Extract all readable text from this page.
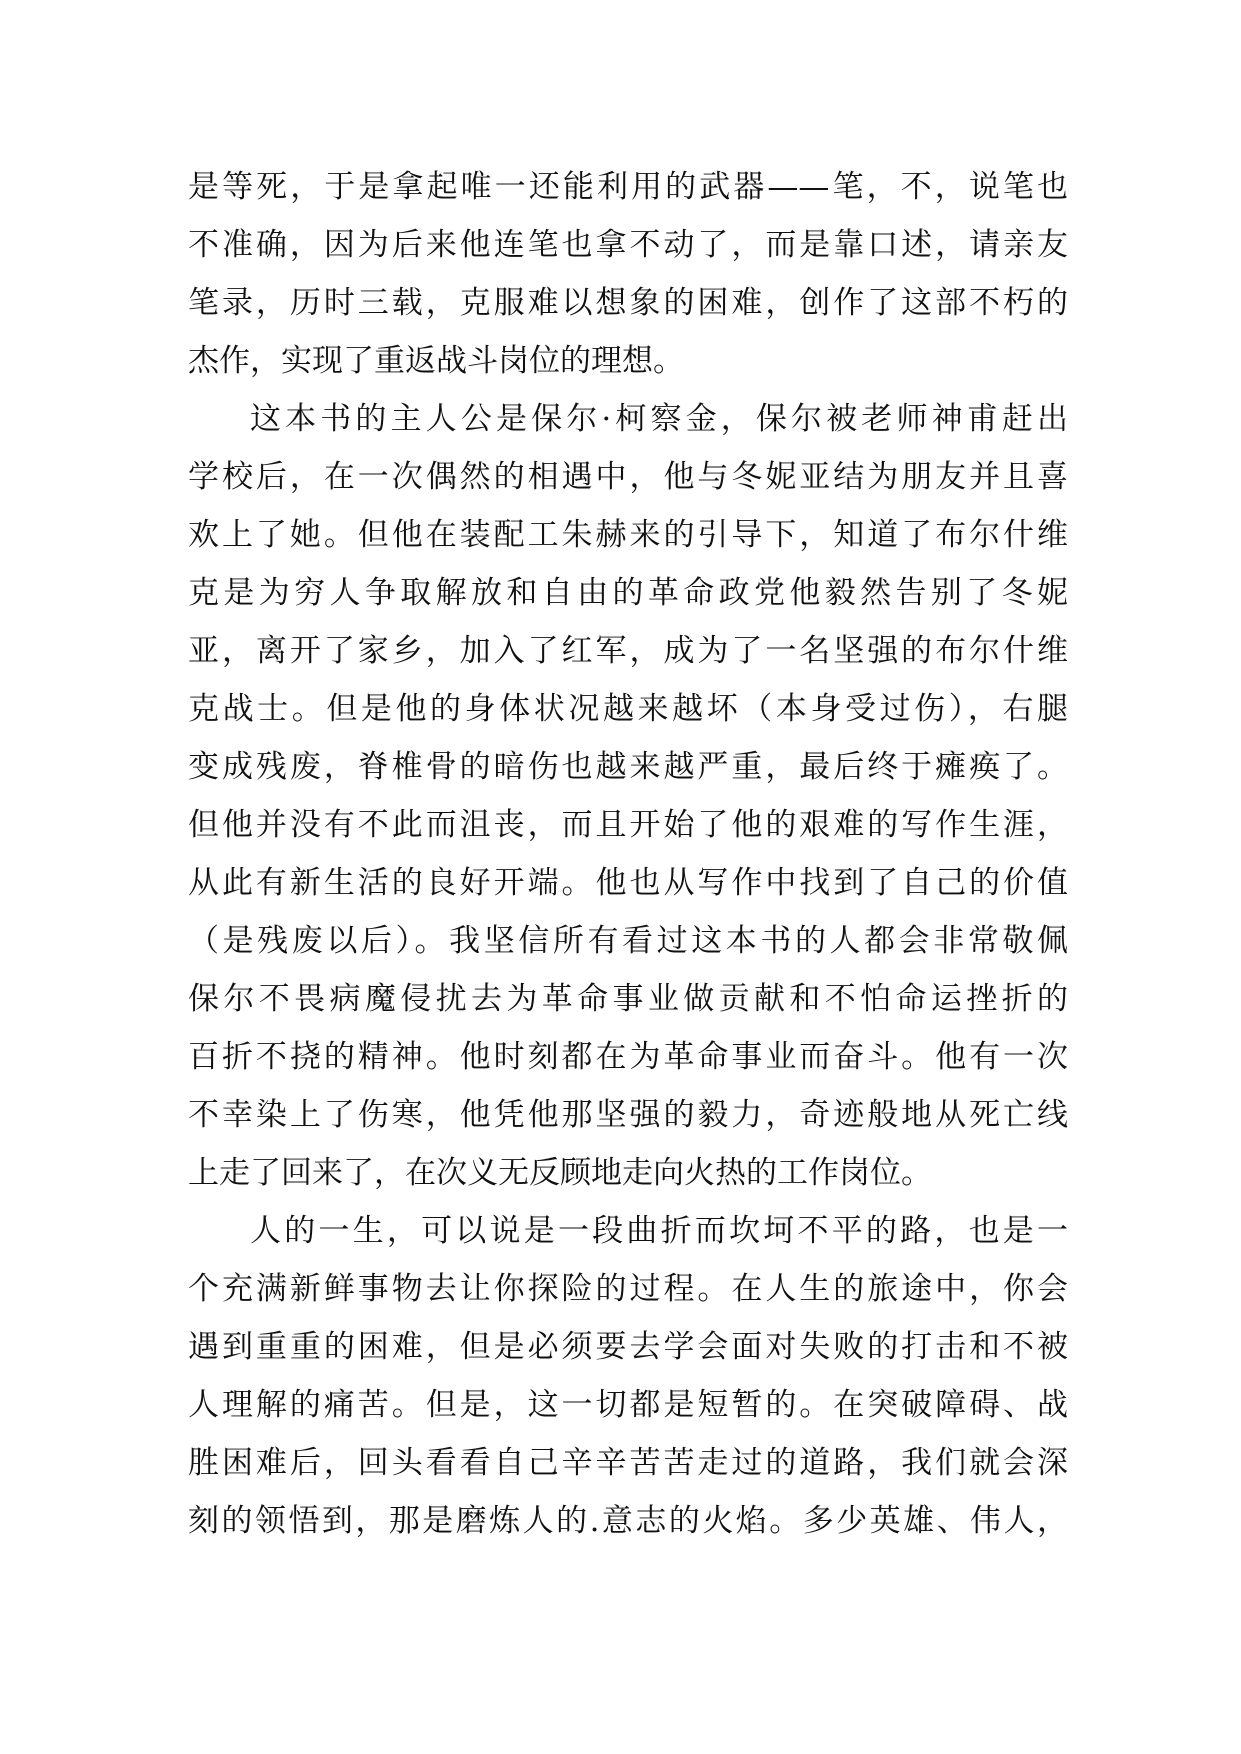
是等死，于是拿起唯一还能利用的武器——笔，不，说笔也
不准确，因为后来他连笔也拿不动了，而是靠口述，请亲友
笔录，历时三载，克服难以想象的困难，创作了这部不朽的
杰作，实现了重返战斗岗位的理想。
这本书的主人公是保尔·柯察金，保尔被老师神甫赶出
学校后，在一次偶然的相遇中，他与冬妮亚结为朋友并且喜
欢上了她。但他在装配工朱赫来的引导下，知道了布尔什维
克是为穷人争取解放和自由的革命政党他毅然告别了冬妮
亚，离开了家乡，加入了红军，成为了一名坚强的布尔什维
克战士。但是他的身体状况越来越坏（本身受过伤），右腿
变成残废，脊椎骨的暗伤也越来越严重，最后终于瘫痪了。
但他并没有不此而沮丧，而且开始了他的艰难的写作生涯，
从此有新生活的良好开端。他也从写作中找到了自己的价值
（是残废以后）。我坚信所有看过这本书的人都会非常敬佩
保尔不畏病魔侵扰去为革命事业做贡献和不怕命运挫折的
百折不挠的精神。他时刻都在为革命事业而奋斗。他有一次
不幸染上了伤寒，他凭他那坚强的毅力，奇迹般地从死亡线
上走了回来了，在次义无反顾地走向火热的工作岗位。
人的一生，可以说是一段曲折而坎坷不平的路，也是一
个充满新鲜事物去让你探险的过程。在人生的旅途中，你会
遇到重重的困难，但是必须要去学会面对失败的打击和不被
人理解的痛苦。但是，这一切都是短暂的。在突破障碍、战
胜困难后，回头看看自己辛辛苦苦走过的道路，我们就会深
刻的领悟到，那是磨炼人的.意志的火焰。多少英雄、伟人，
